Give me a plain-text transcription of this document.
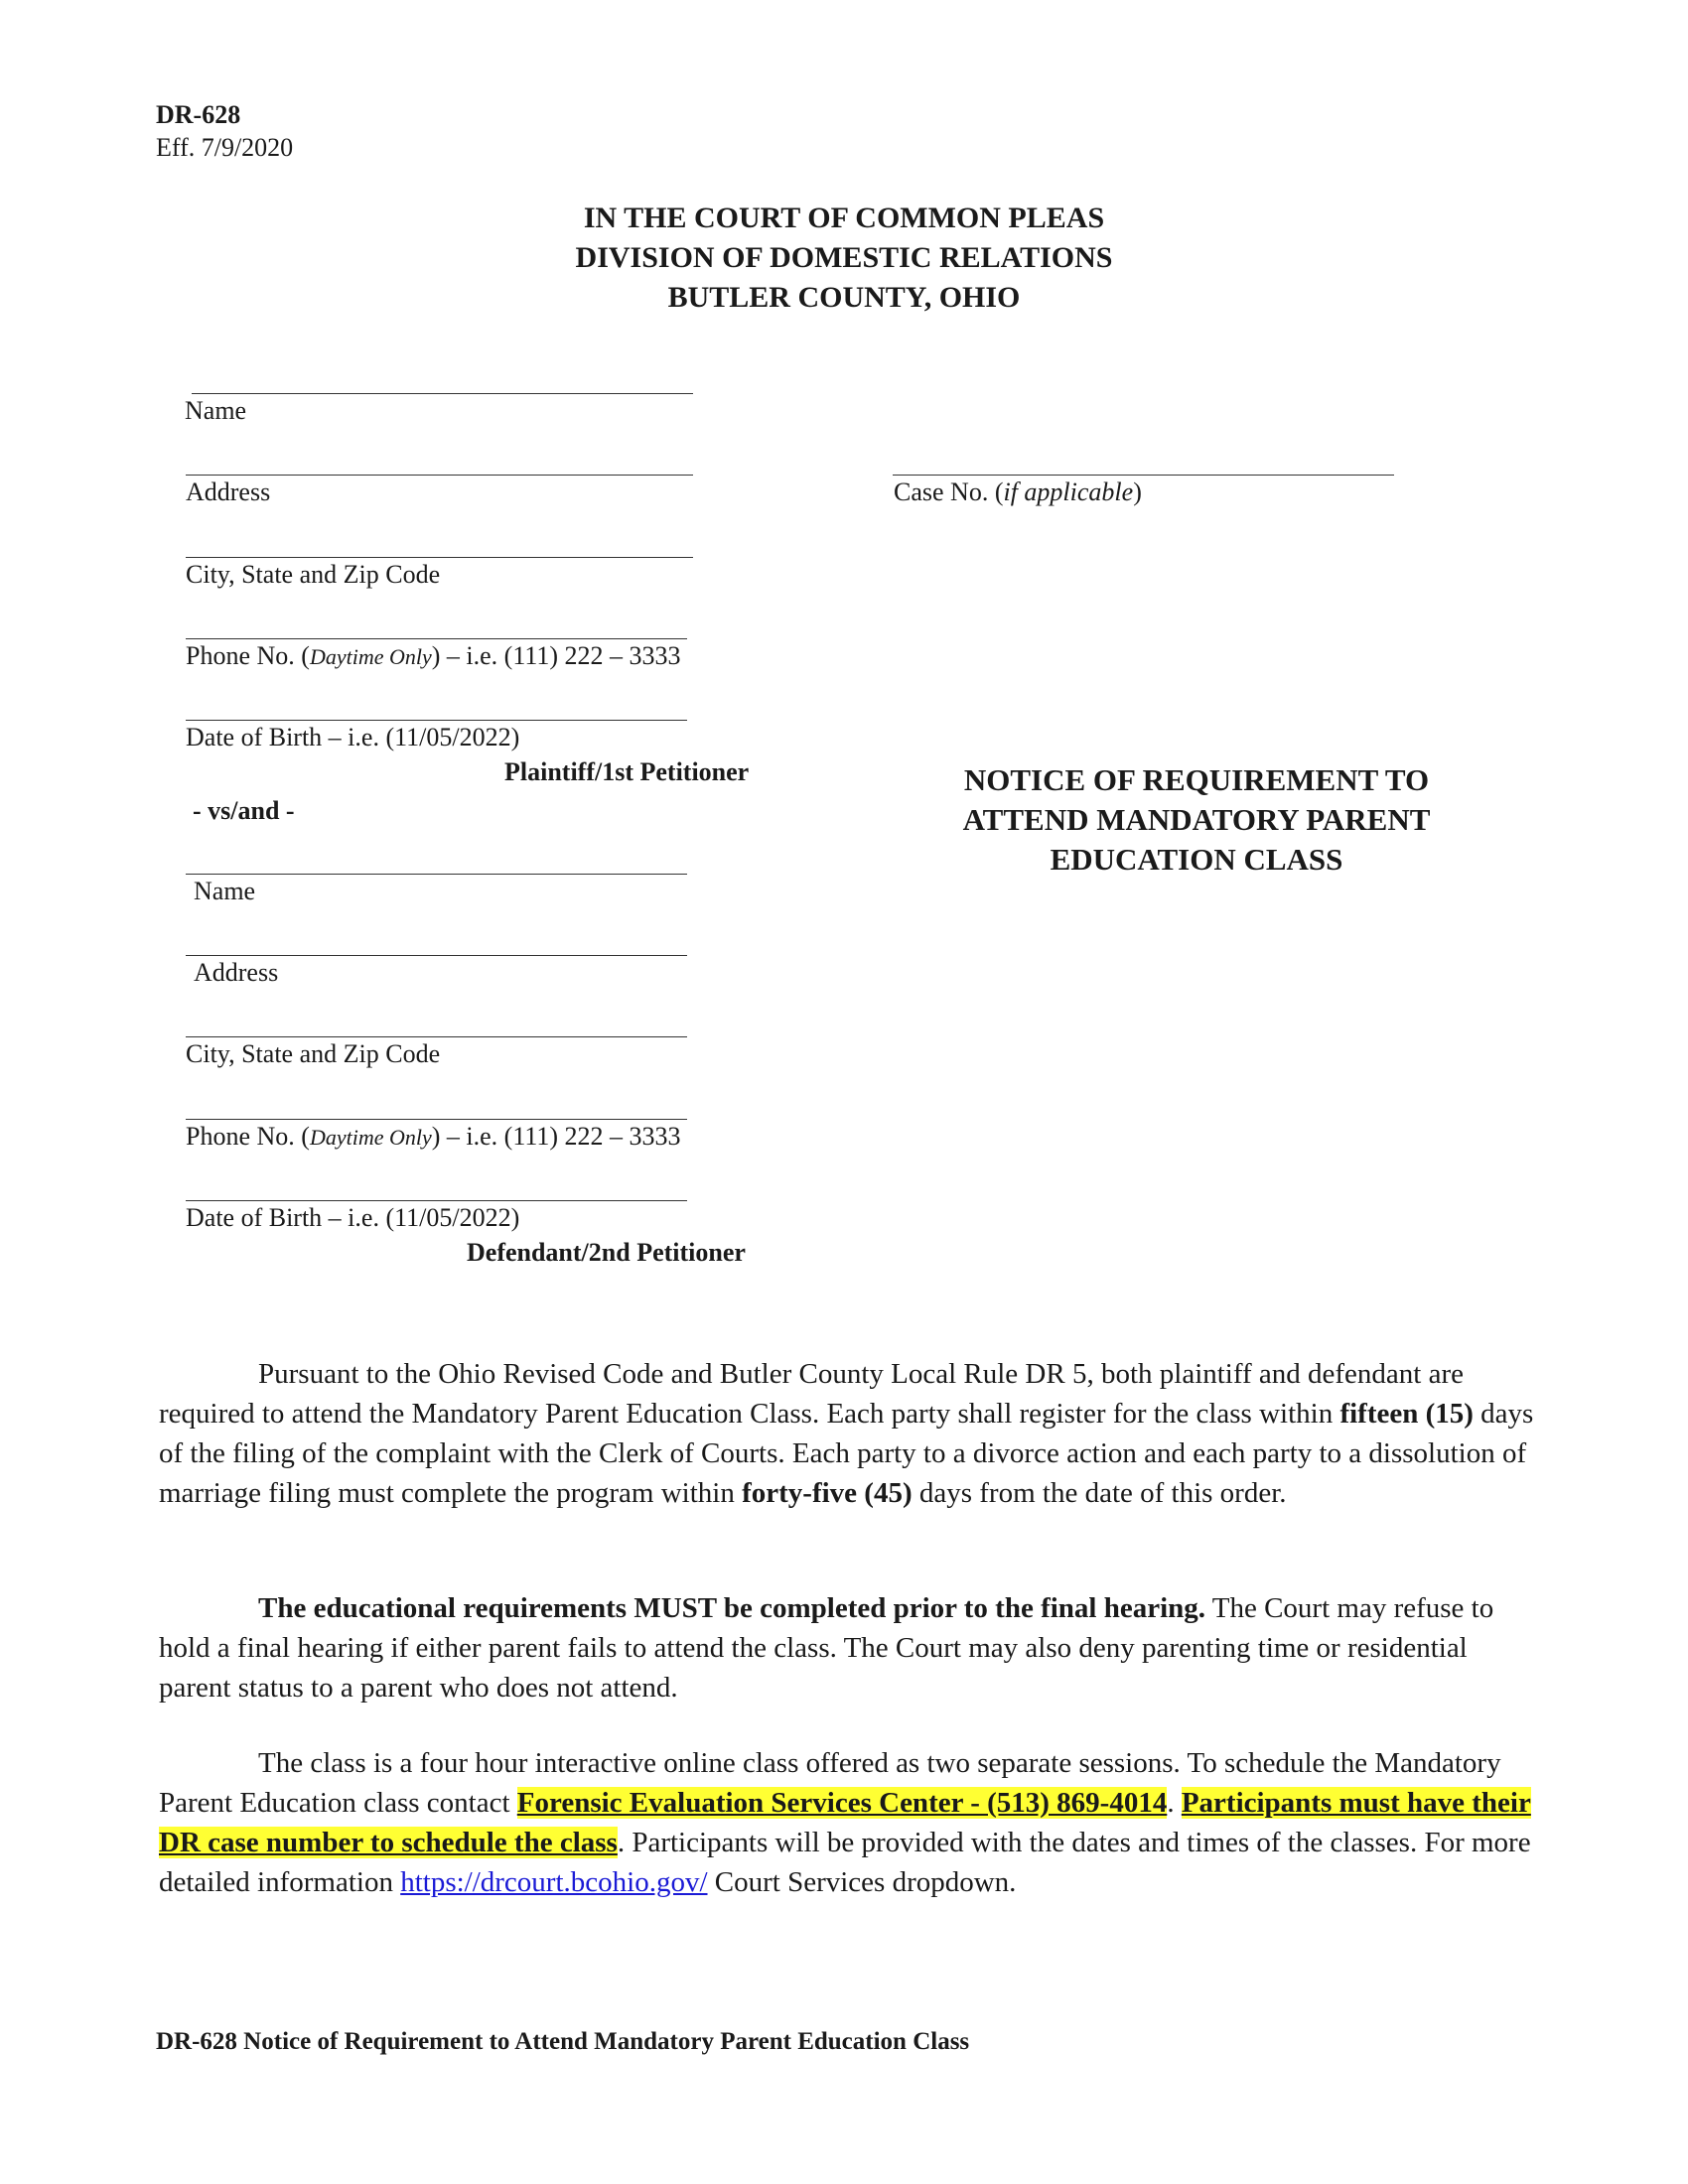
DR-628
Eff. 7/9/2020
IN THE COURT OF COMMON PLEAS
DIVISION OF DOMESTIC RELATIONS
BUTLER COUNTY, OHIO
Name
Address
City, State and Zip Code
Phone No. (Daytime Only) – i.e. (111) 222 – 3333
Date of Birth – i.e. (11/05/2022)
Plaintiff/1st Petitioner
- vs/and -
Name
Address
City, State and Zip Code
Phone No. (Daytime Only) – i.e. (111) 222 – 3333
Date of Birth – i.e. (11/05/2022)
Defendant/2nd Petitioner
Case No. (if applicable)
NOTICE OF REQUIREMENT TO
ATTEND MANDATORY PARENT
EDUCATION CLASS
Pursuant to the Ohio Revised Code and Butler County Local Rule DR 5, both plaintiff and defendant are required to attend the Mandatory Parent Education Class. Each party shall register for the class within fifteen (15) days of the filing of the complaint with the Clerk of Courts. Each party to a divorce action and each party to a dissolution of marriage filing must complete the program within forty-five (45) days from the date of this order.
The educational requirements MUST be completed prior to the final hearing. The Court may refuse to hold a final hearing if either parent fails to attend the class. The Court may also deny parenting time or residential parent status to a parent who does not attend.
The class is a four hour interactive online class offered as two separate sessions. To schedule the Mandatory Parent Education class contact Forensic Evaluation Services Center - (513) 869-4014. Participants must have their DR case number to schedule the class. Participants will be provided with the dates and times of the classes. For more detailed information https://drcourt.bcohio.gov/ Court Services dropdown.
DR-628 Notice of Requirement to Attend Mandatory Parent Education Class
